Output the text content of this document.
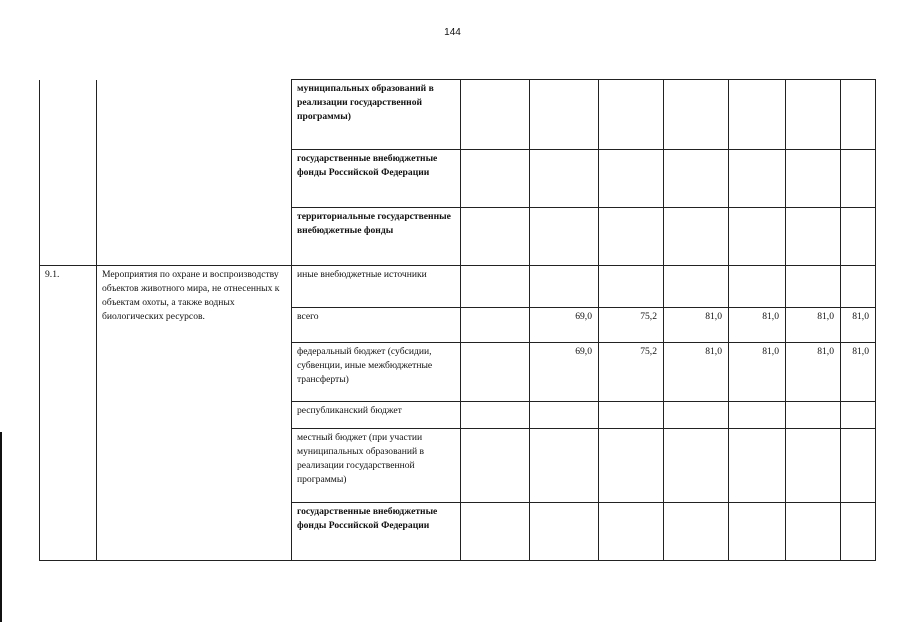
144
		муниципальных образований в реализации государственной программы)							
		государственные внебюджетные фонды Российской Федерации							
		территориальные государственные внебюджетные фонды							
9.1.	Мероприятия по охране и воспроизводству объектов животного мира, не отнесенных к объектам охоты, а также водных биологических ресурсов.	иные внебюджетные источники							
		всего		69,0	75,2	81,0	81,0	81,0	81,0
		федеральный бюджет (субсидии, субвенции, иные межбюджетные трансферты)		69,0	75,2	81,0	81,0	81,0	81,0
		республиканский бюджет							
		местный бюджет (при участии муниципальных образований в реализации государственной программы)							
		государственные внебюджетные фонды Российской Федерации							
